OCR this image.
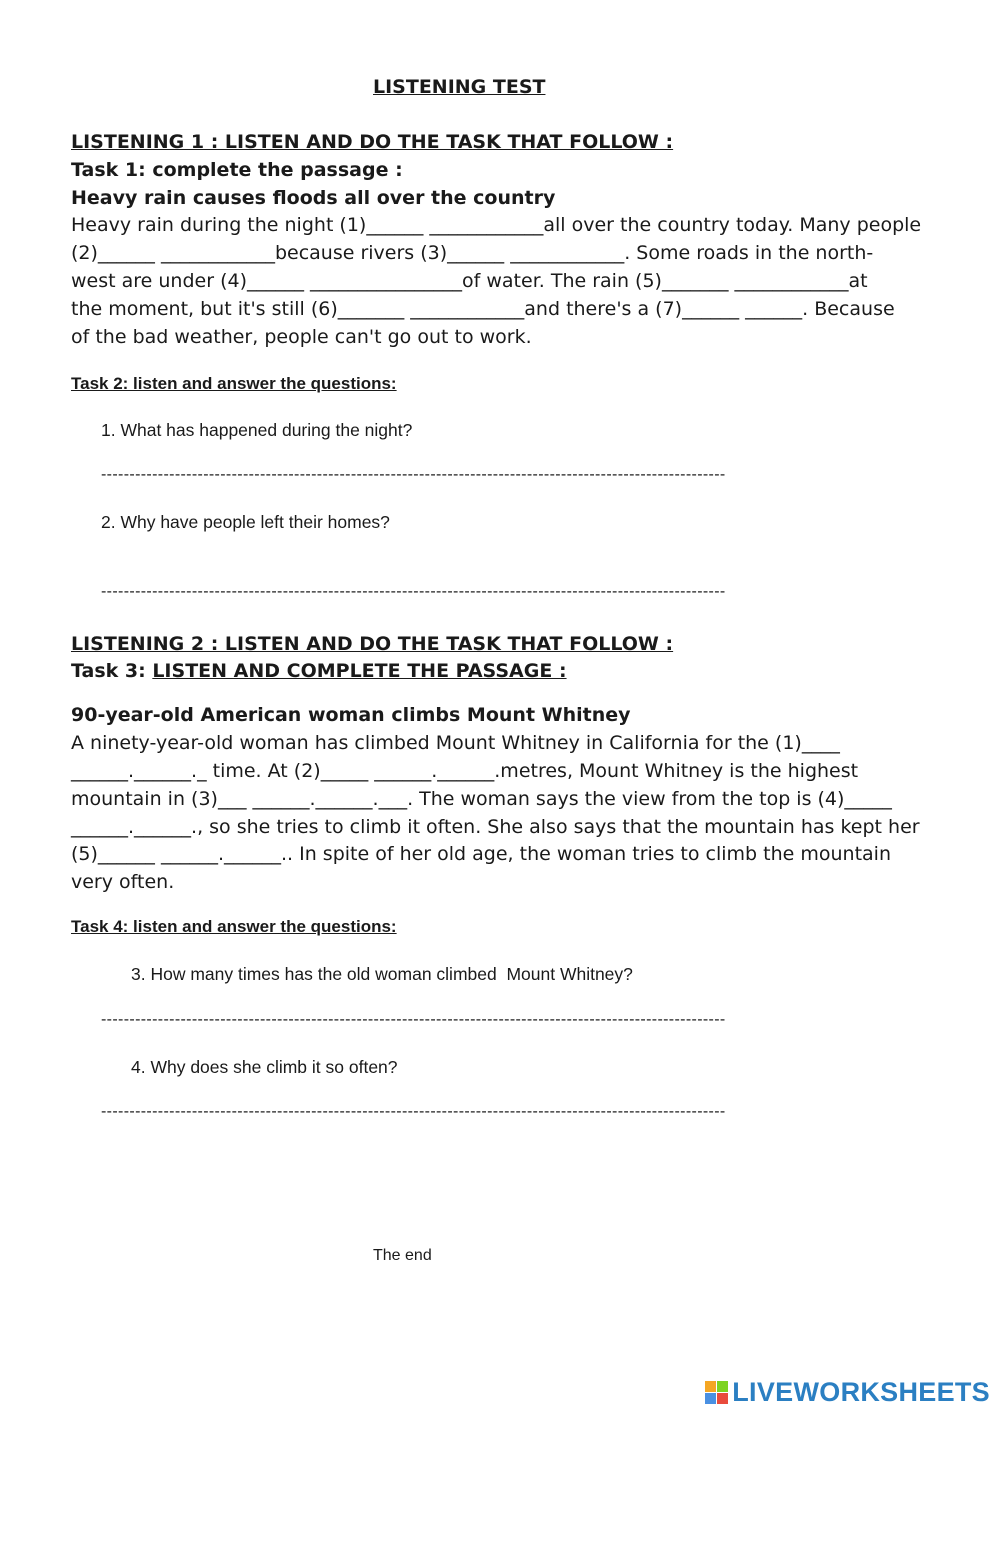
LISTENING TEST
LISTENING 1 : LISTEN AND DO THE TASK THAT FOLLOW :
Task 1: complete the passage :
Heavy rain causes floods all over the country
Heavy rain during the night (1)______ ____________all over the country today. Many people
(2)______ ____________because rivers (3)______ ____________. Some roads in the north-
west are under (4)______ ________________of water. The rain (5)_______ ____________at
the moment, but it's still (6)_______ ____________and there's a (7)______ ______. Because
of the bad weather, people can't go out to work.
Task 2: listen and answer the questions:
1. What has happened during the night?
--------------------------------------------------------------------------------------------------------------
2. Why have people left their homes?
--------------------------------------------------------------------------------------------------------------
LISTENING 2 : LISTEN AND DO THE TASK THAT FOLLOW :
Task 3: LISTEN AND COMPLETE THE PASSAGE :
90-year-old American woman climbs Mount Whitney
A ninety-year-old woman has climbed Mount Whitney in California for the (1)____
______.______._ time. At (2)_____ ______.______.metres, Mount Whitney is the highest
mountain in (3)___ ______.______.___. The woman says the view from the top is (4)_____
______.______., so she tries to climb it often. She also says that the mountain has kept her
(5)______ ______.______.. In spite of her old age, the woman tries to climb the mountain
very often.
Task 4: listen and answer the questions:
3. How many times has the old woman climbed  Mount Whitney?
--------------------------------------------------------------------------------------------------------------
4. Why does she climb it so often?
--------------------------------------------------------------------------------------------------------------
The end

LIVEWORKSHEETS
